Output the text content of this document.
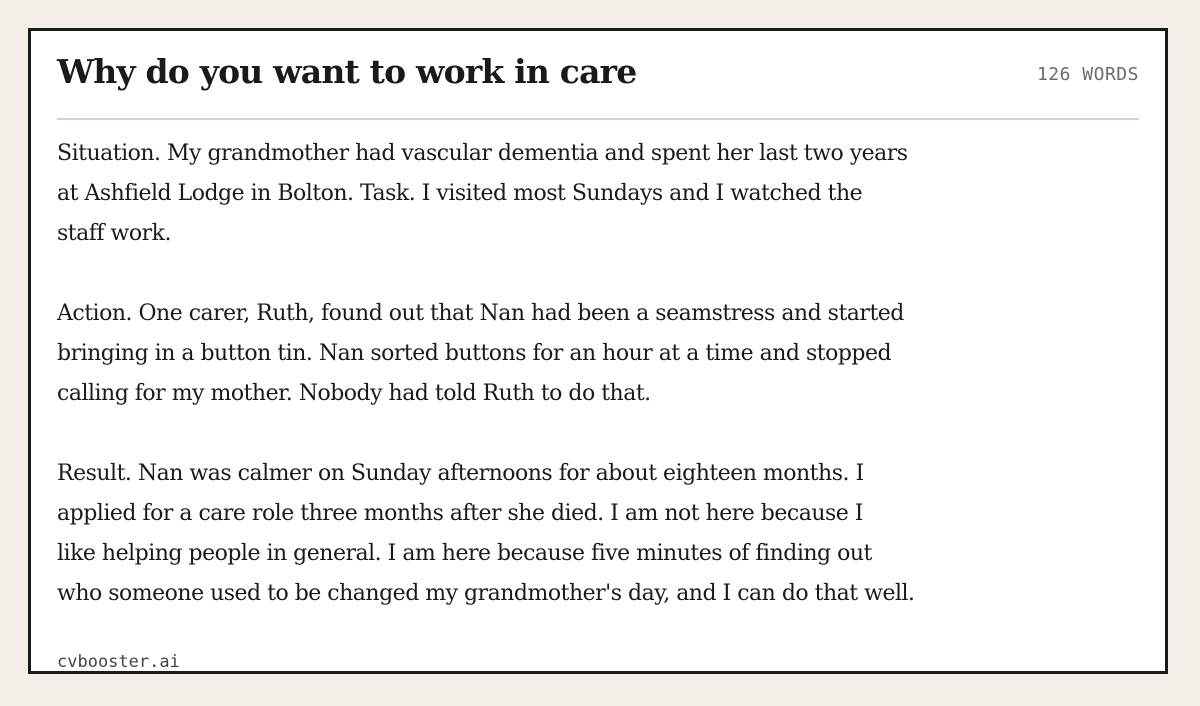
Why do you want to work in care	126 WORDS

Situation. My grandmother had vascular dementia and spent her last two years
at Ashfield Lodge in Bolton. Task. I visited most Sundays and I watched the
staff work.

Action. One carer, Ruth, found out that Nan had been a seamstress and started
bringing in a button tin. Nan sorted buttons for an hour at a time and stopped
calling for my mother. Nobody had told Ruth to do that.

Result. Nan was calmer on Sunday afternoons for about eighteen months. I
applied for a care role three months after she died. I am not here because I
like helping people in general. I am here because five minutes of finding out
who someone used to be changed my grandmother's day, and I can do that well.

cvbooster.ai
